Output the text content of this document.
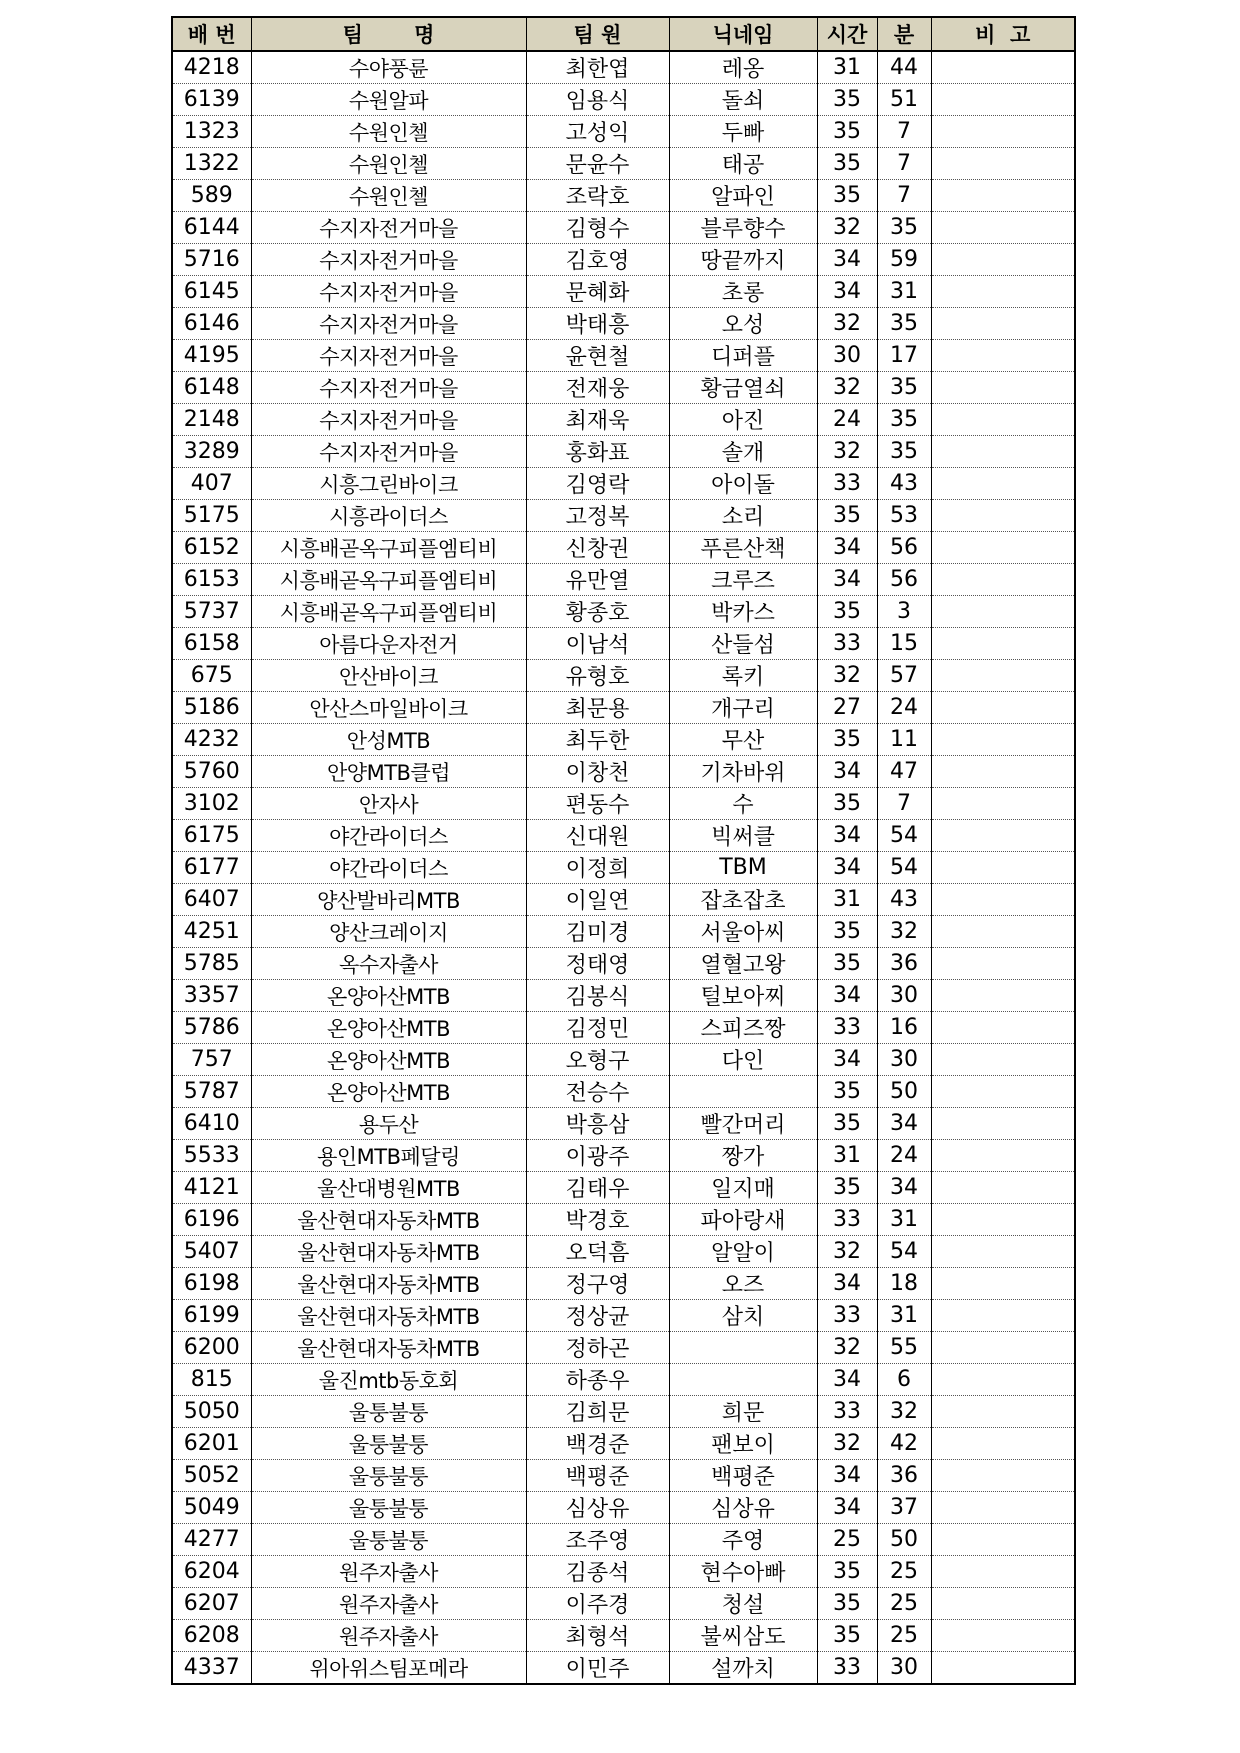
배 번	팀       명	팀 원	닉네임	시간	분	비  고
4218	수야풍륜	최한엽	레옹	31	44	
6139	수원알파	임용식	돌쇠	35	51	
1323	수원인첼	고성익	두빠	35	7	
1322	수원인첼	문윤수	태공	35	7	
589	수원인첼	조락호	알파인	35	7	
6144	수지자전거마을	김형수	블루향수	32	35	
5716	수지자전거마을	김호영	땅끝까지	34	59	
6145	수지자전거마을	문혜화	초롱	34	31	
6146	수지자전거마을	박태흥	오성	32	35	
4195	수지자전거마을	윤현철	디퍼플	30	17	
6148	수지자전거마을	전재웅	황금열쇠	32	35	
2148	수지자전거마을	최재욱	아진	24	35	
3289	수지자전거마을	홍화표	솔개	32	35	
407	시흥그린바이크	김영락	아이돌	33	43	
5175	시흥라이더스	고정복	소리	35	53	
6152	시흥배곧옥구피플엠티비	신창권	푸른산책	34	56	
6153	시흥배곧옥구피플엠티비	유만열	크루즈	34	56	
5737	시흥배곧옥구피플엠티비	황종호	박카스	35	3	
6158	아름다운자전거	이남석	산들섬	33	15	
675	안산바이크	유형호	록키	32	57	
5186	안산스마일바이크	최문용	개구리	27	24	
4232	안성MTB	최두한	무산	35	11	
5760	안양MTB클럽	이창천	기차바위	34	47	
3102	안자사	편동수	수	35	7	
6175	야간라이더스	신대원	빅써클	34	54	
6177	야간라이더스	이정희	TBM	34	54	
6407	양산발바리MTB	이일연	잡초잡초	31	43	
4251	양산크레이지	김미경	서울아씨	35	32	
5785	옥수자출사	정태영	열혈고왕	35	36	
3357	온양아산MTB	김봉식	털보아찌	34	30	
5786	온양아산MTB	김정민	스피즈짱	33	16	
757	온양아산MTB	오형구	다인	34	30	
5787	온양아산MTB	전승수		35	50	
6410	용두산	박흥삼	빨간머리	35	34	
5533	용인MTB페달링	이광주	짱가	31	24	
4121	울산대병원MTB	김태우	일지매	35	34	
6196	울산현대자동차MTB	박경호	파아랑새	33	31	
5407	울산현대자동차MTB	오덕흠	알알이	32	54	
6198	울산현대자동차MTB	정구영	오즈	34	18	
6199	울산현대자동차MTB	정상균	삼치	33	31	
6200	울산현대자동차MTB	정하곤		32	55	
815	울진mtb동호회	하종우		34	6	
5050	울퉁불퉁	김희문	희문	33	32	
6201	울퉁불퉁	백경준	팬보이	32	42	
5052	울퉁불퉁	백평준	백평준	34	36	
5049	울퉁불퉁	심상유	심상유	34	37	
4277	울퉁불퉁	조주영	주영	25	50	
6204	원주자출사	김종석	현수아빠	35	25	
6207	원주자출사	이주경	청설	35	25	
6208	원주자출사	최형석	불씨삼도	35	25	
4337	위아위스팀포메라	이민주	설까치	33	30	
